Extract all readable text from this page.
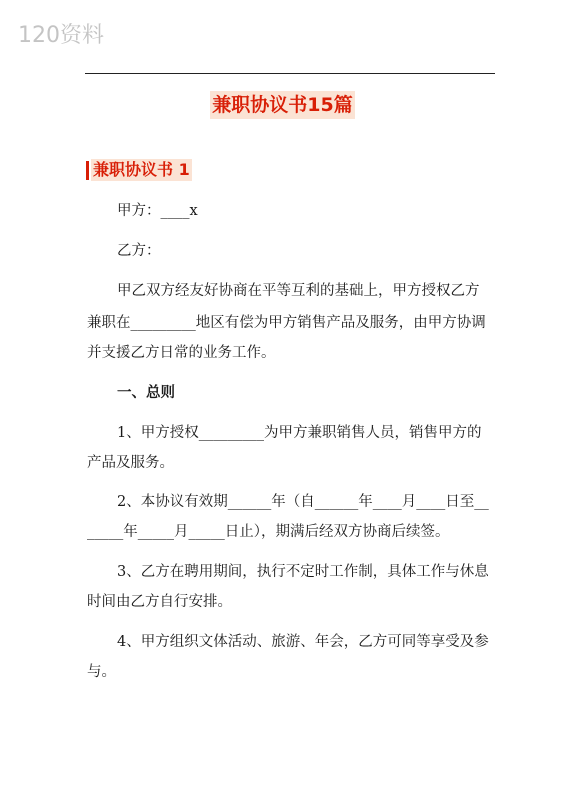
120资料
兼职协议书15篇
兼职协议书 1
甲方：____x
乙方：
甲乙双方经友好协商在平等互利的基础上，甲方授权乙方
兼职在_________地区有偿为甲方销售产品及服务，由甲方协调
并支援乙方日常的业务工作。
一、总则
1、甲方授权_________为甲方兼职销售人员，销售甲方的
产品及服务。
2、本协议有效期______年（自______年____月____日至__
_____年_____月_____日止），期满后经双方协商后续签。
3、乙方在聘用期间，执行不定时工作制，具体工作与休息
时间由乙方自行安排。
4、甲方组织文体活动、旅游、年会，乙方可同等享受及参
与。
